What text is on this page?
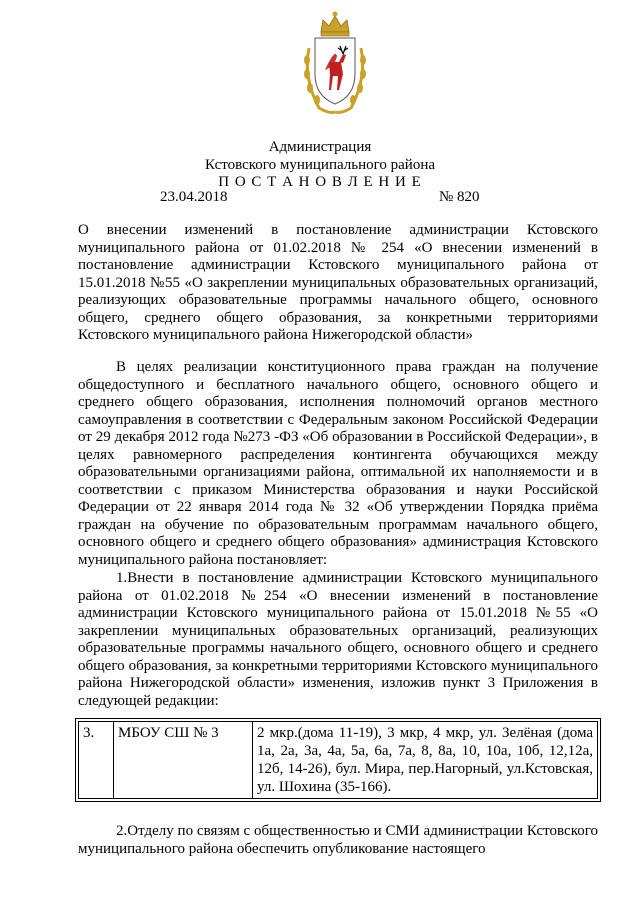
Администрация
Кстовского муниципального района
П О С Т А Н О В Л Е Н И Е
23.04.2018	№ 820

О внесении изменений в постановление администрации Кстовского муниципального района от 01.02.2018 № 254 «О внесении изменений в постановление администрации Кстовского муниципального района от 15.01.2018 №55 «О закреплении муниципальных образовательных организаций, реализующих образовательные программы начального общего, основного общего, среднего общего образования, за конкретными территориями Кстовского муниципального района Нижегородской области»

В целях реализации конституционного права граждан на получение общедоступного и бесплатного начального общего, основного общего и среднего общего образования, исполнения полномочий органов местного самоуправления в соответствии с Федеральным законом Российской Федерации от 29 декабря 2012 года №273 -ФЗ «Об образовании в Российской Федерации», в целях равномерного распределения контингента обучающихся между образовательными организациями района, оптимальной их наполняемости и в соответствии с приказом Министерства образования и науки Российской Федерации от 22 января 2014 года № 32 «Об утверждении Порядка приёма граждан на обучение по образовательным программам начального общего, основного общего и среднего общего образования» администрация Кстовского муниципального района постановляет:

1.Внести в постановление администрации Кстовского муниципального района от 01.02.2018 №254 «О внесении изменений в постановление администрации Кстовского муниципального района от 15.01.2018 №55 «О закреплении муниципальных образовательных организаций, реализующих образовательные программы начального общего, основного общего и среднего общего образования, за конкретными территориями Кстовского муниципального района Нижегородской области» изменения, изложив пункт 3 Приложения в следующей редакции:

3.	МБОУ СШ № 3	2 мкр.(дома 11-19), 3 мкр, 4 мкр, ул. Зелёная (дома 1а, 2а, 3а, 4а, 5а, 6а, 7а, 8, 8а, 10, 10а, 10б, 12,12а, 12б, 14-26), бул. Мира, пер.Нагорный, ул.Кстовская, ул. Шохина (35-166).

2.Отделу по связям с общественностью и СМИ администрации Кстовского муниципального района обеспечить опубликование настоящего
